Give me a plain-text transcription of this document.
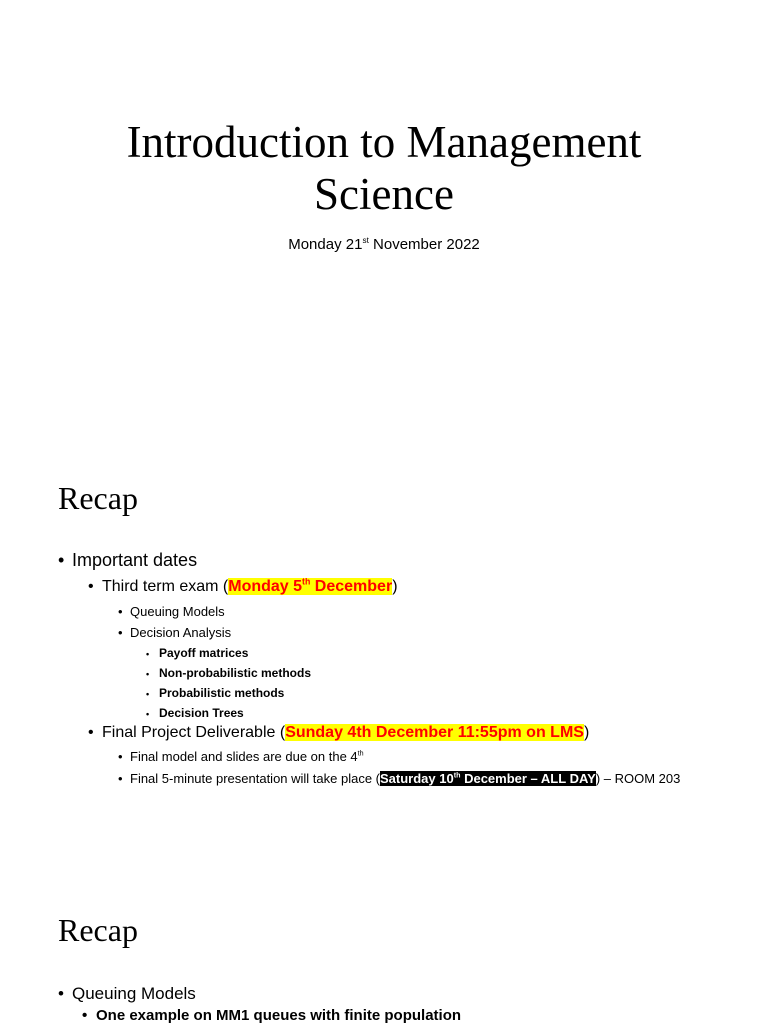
Introduction to Management Science
Monday 21st November 2022
Recap
• Important dates
• Third term exam (Monday 5th December)
• Queuing Models
• Decision Analysis
• Payoff matrices
• Non-probabilistic methods
• Probabilistic methods
• Decision Trees
• Final Project Deliverable (Sunday 4th December 11:55pm on LMS)
• Final model and slides are due on the 4th
• Final 5-minute presentation will take place (Saturday 10th December – ALL DAY) – ROOM 203
Recap
• Queuing Models
• One example on MM1 queues with finite population
